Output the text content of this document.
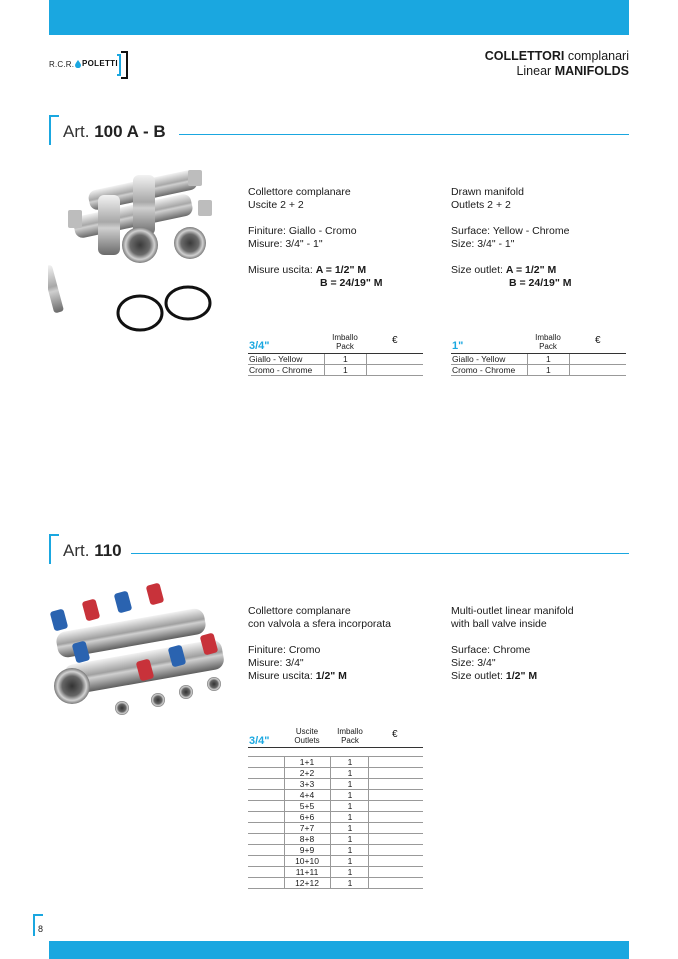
R.C.R. POLETTI
COLLETTORI complanari
Linear MANIFOLDS
Art. 100 A - B

Collettore complanare
Uscite 2 + 2

Finiture: Giallo - Cromo
Misure: 3/4" - 1"

Misure uscita: A = 1/2" M
B = 24/19" M

Drawn manifold
Outlets 2 + 2

Surface: Yellow - Chrome
Size: 3/4" - 1"

Size outlet: A = 1/2" M
B = 24/19" M

3/4"
Imballo
Pack
€
Giallo - Yellow	1
Cromo - Chrome	1
1"
Imballo
Pack
€
Giallo - Yellow	1
Cromo - Chrome	1
Art. 110

Collettore complanare
con valvola a sfera incorporata

Finiture: Cromo
Misure: 3/4"
Misure uscita: 1/2" M

Multi-outlet linear manifold
with ball valve inside

Surface: Chrome
Size: 3/4"
Size outlet: 1/2" M

3/4"
Uscite
Outlets
Imballo
Pack
€
1+1	1
2+2	1
3+3	1
4+4	1
5+5	1
6+6	1
7+7	1
8+8	1
9+9	1
10+10	1
11+11	1
12+12	1
8
